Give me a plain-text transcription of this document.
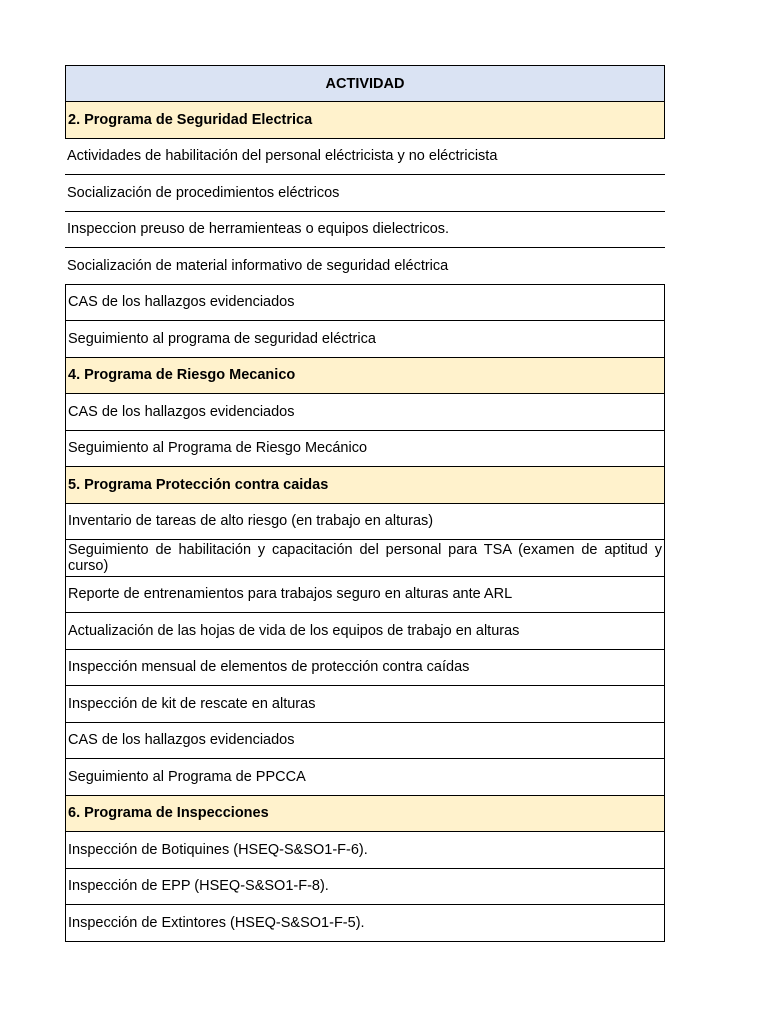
ACTIVIDAD
2. Programa de Seguridad Electrica
Actividades de habilitación del personal eléctricista y no eléctricista
Socialización de procedimientos eléctricos
Inspeccion preuso de herramienteas o equipos dielectricos.
Socialización de material informativo de seguridad eléctrica
CAS de los hallazgos evidenciados
Seguimiento al programa de seguridad eléctrica
4. Programa de Riesgo Mecanico
CAS de los hallazgos evidenciados
Seguimiento al Programa de Riesgo Mecánico
5. Programa Protección contra caidas
Inventario de tareas de alto riesgo (en trabajo en alturas)
Seguimiento de habilitación y capacitación del personal para TSA (examen de aptitud y curso)
Reporte de entrenamientos para trabajos seguro en alturas ante ARL
Actualización de las hojas de vida de los equipos de trabajo en alturas
Inspección mensual de elementos de protección contra caídas
Inspección de kit de rescate en alturas
CAS de los hallazgos evidenciados
Seguimiento al Programa de PPCCA
6. Programa de Inspecciones
Inspección de Botiquines (HSEQ-S&SO1-F-6).
Inspección de EPP (HSEQ-S&SO1-F-8).
Inspección de Extintores (HSEQ-S&SO1-F-5).
